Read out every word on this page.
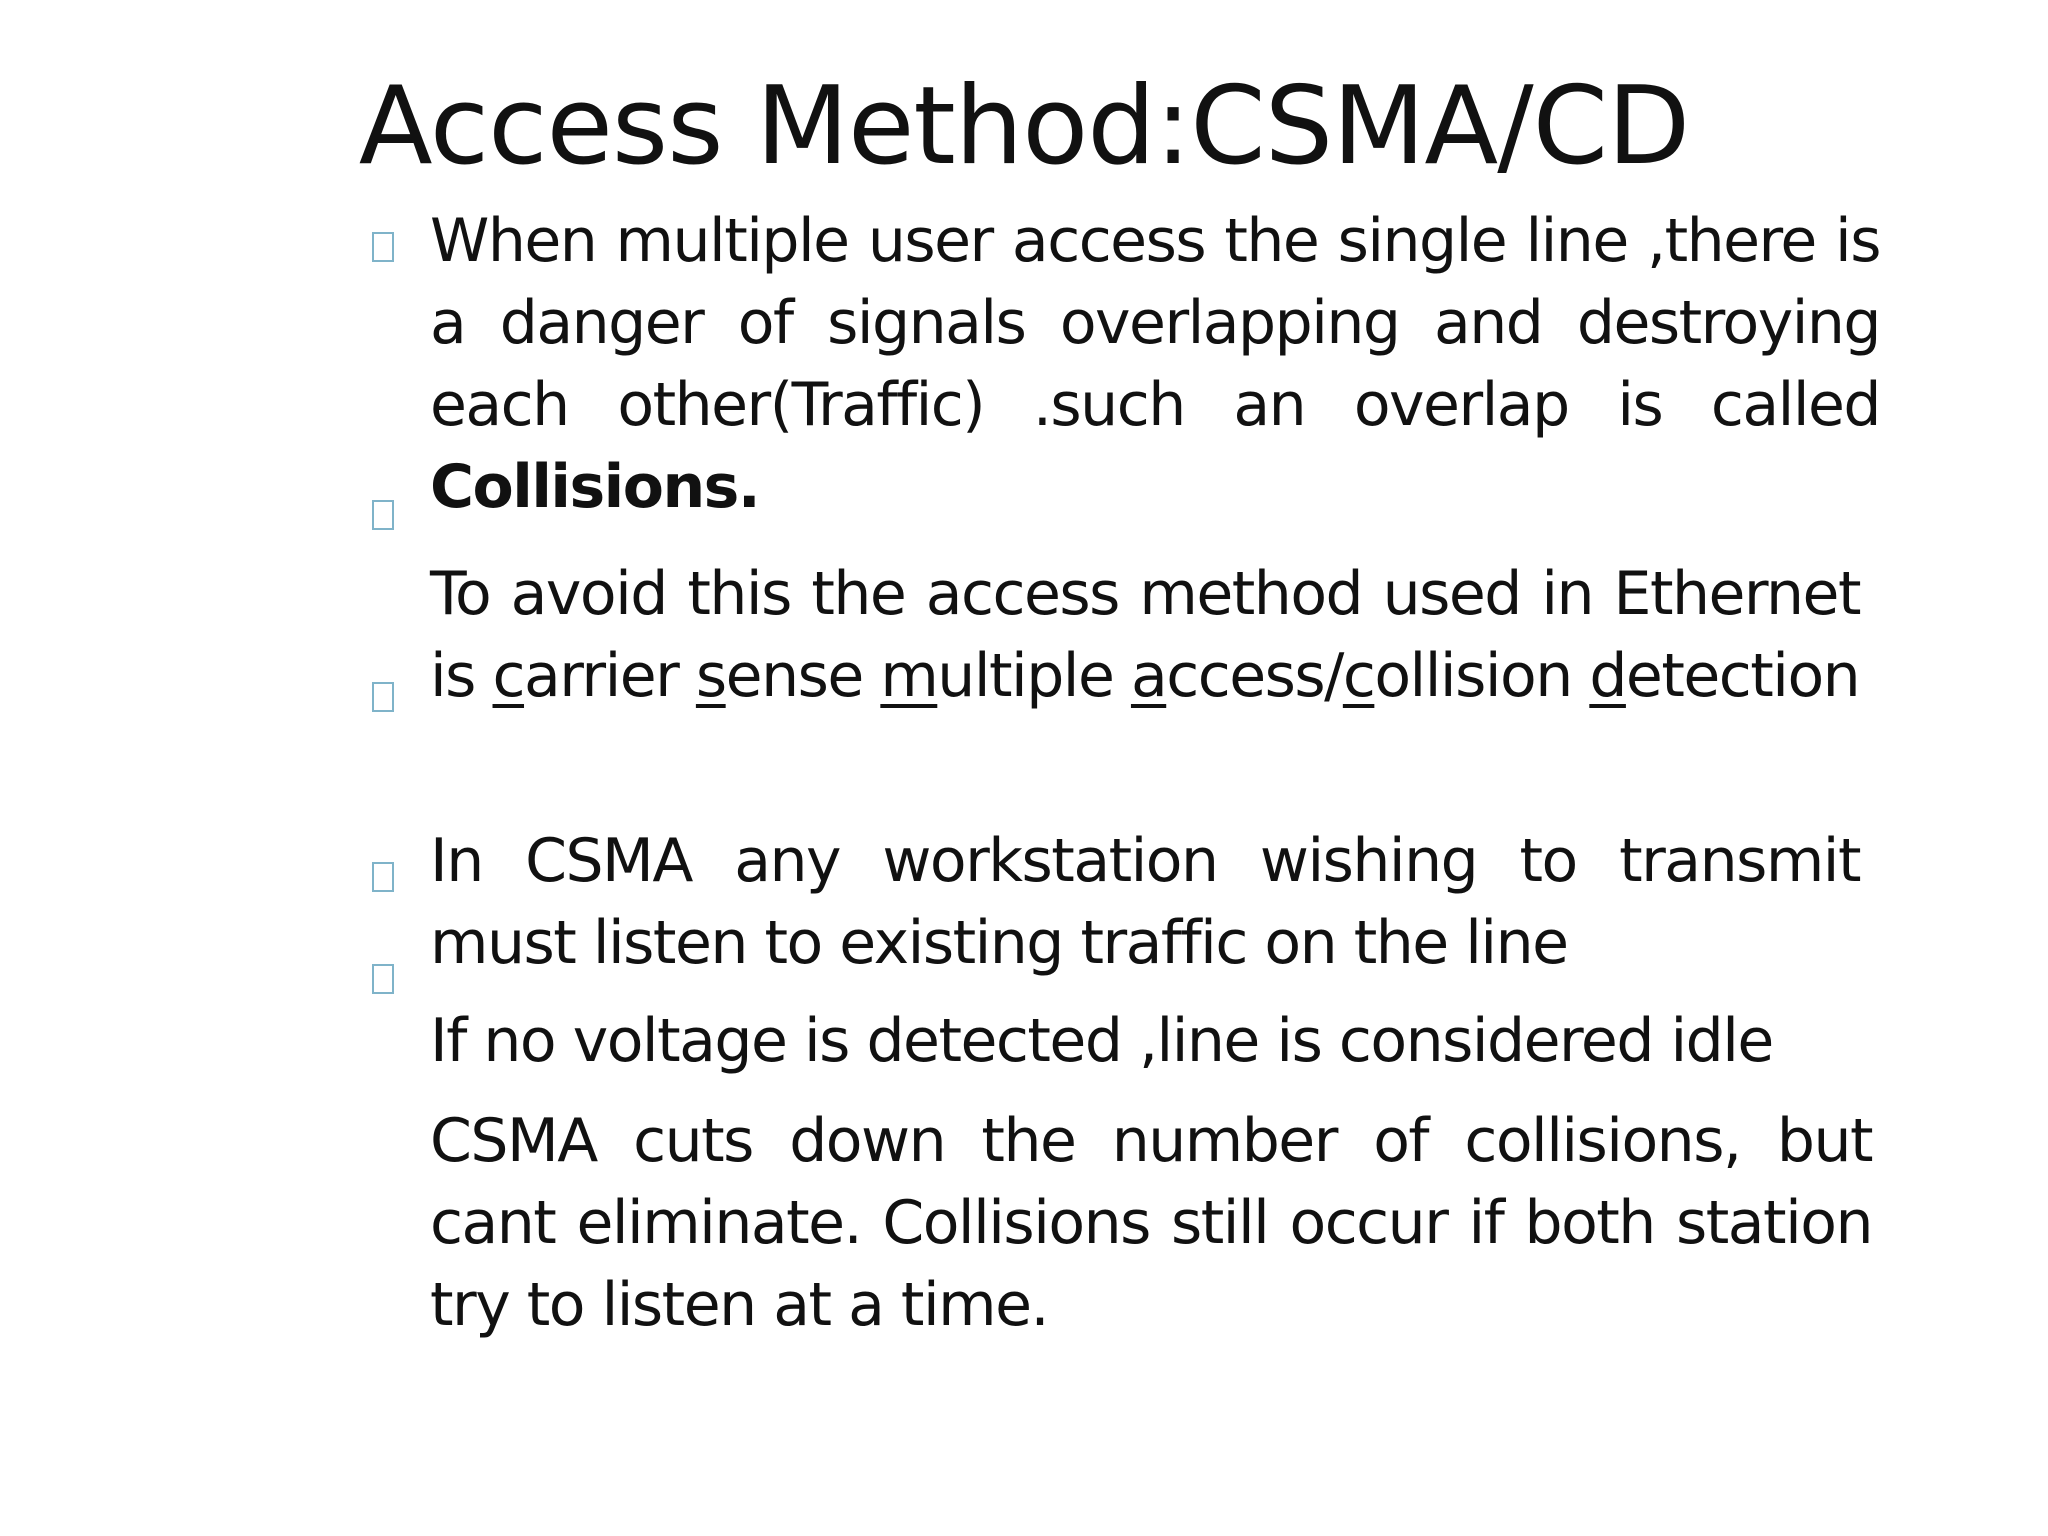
Access Method:CSMA/CD
When multiple user access the single line ,there is a danger of signals overlapping and destroying each other(Traffic) .such an overlap is called Collisions.
To avoid this the access method used in Ethernet is carrier sense multiple access/collision detection
In CSMA any workstation wishing to transmit must listen to existing traffic on the line
If no voltage is detected ,line is considered idle
CSMA cuts down the number of collisions, but cant eliminate. Collisions still occur if both station try to listen at a time.
